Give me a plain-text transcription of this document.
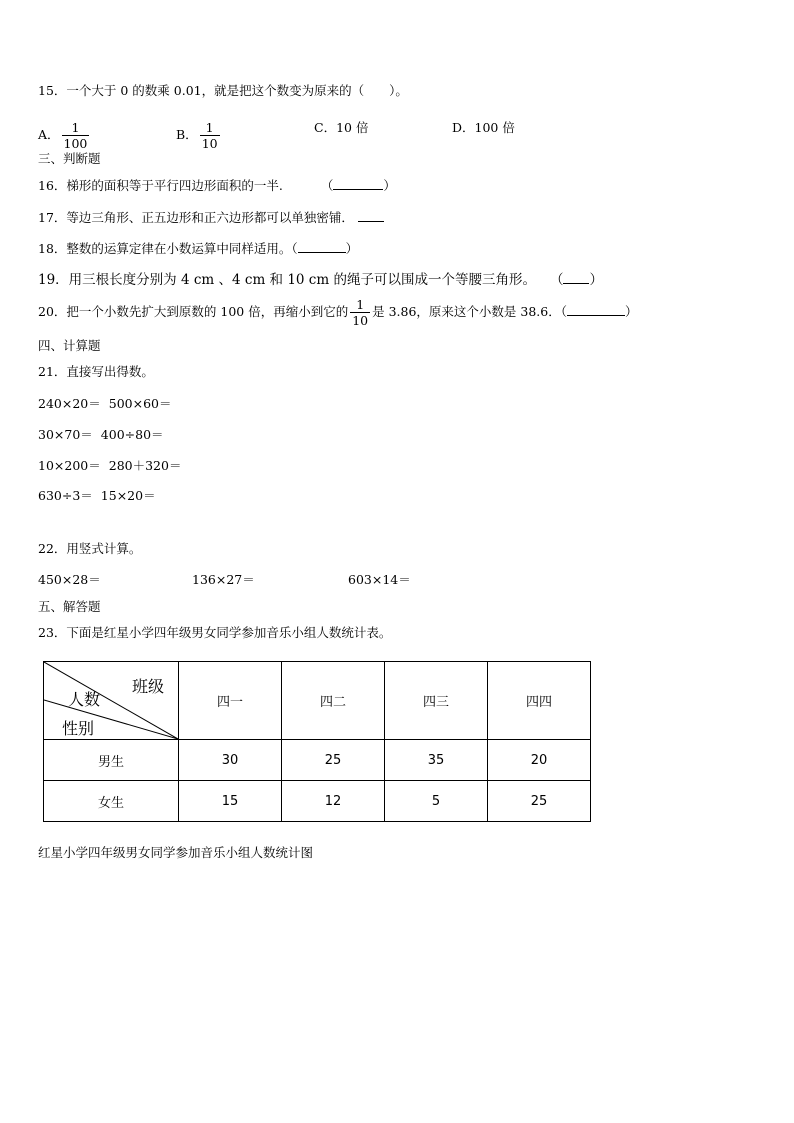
15．一个大于 0 的数乘 0.01，就是把这个数变为原来的（　　）。
A． $\frac{1}{100}$	B． $\frac{1}{10}$	C．10 倍	D．100 倍
三、判断题
16．梯形的面积等于平行四边形面积的一半.	（	）
17．等边三角形、正五边形和正六边形都可以单独密铺．
18．整数的运算定律在小数运算中同样适用。（	）
19．用三根长度分别为 4 cm 、4 cm 和 10 cm 的绳子可以围成一个等腰三角形。 （ ）
20．把一个小数先扩大到原数的 100 倍，再缩小到它的 $\frac{1}{10}$ 是 3.86，原来这个小数是 38.6．（	）
四、计算题
21．直接写出得数。
240×20＝ 500×60＝
30×70＝ 400÷80＝
10×200＝ 280＋320＝
630÷3＝ 15×20＝
22．用竖式计算。
450×28＝	136×27＝	603×14＝
五、解答题
23．下面是红星小学四年级男女同学参加音乐小组人数统计表。
班级
人数
性别	四一	四二	四三	四四
男生	30	25	35	20
女生	15	12	5	25
红星小学四年级男女同学参加音乐小组人数统计图
